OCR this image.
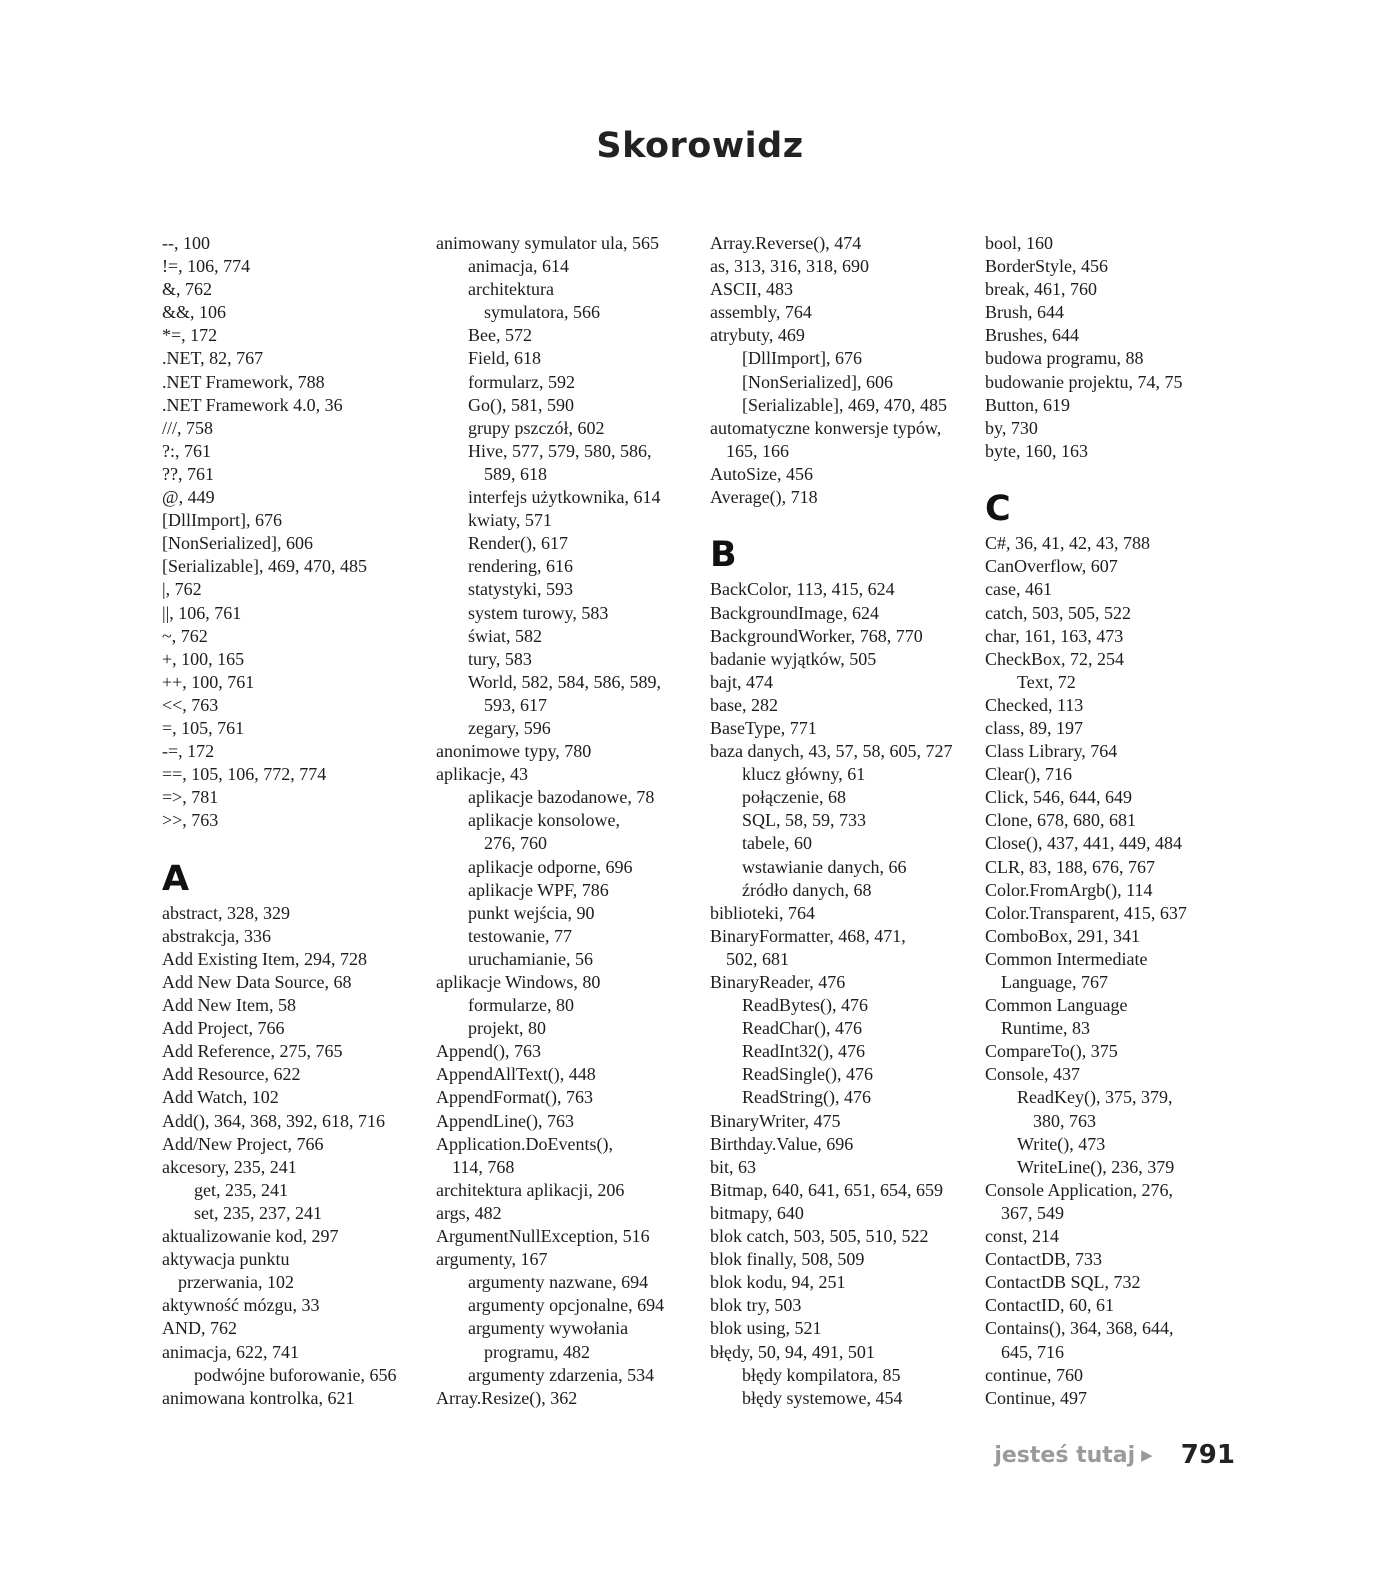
Skorowidz
--, 100
!=, 106, 774
&, 762
&&, 106
*=, 172
.NET, 82, 767
.NET Framework, 788
.NET Framework 4.0, 36
///, 758
?:, 761
??, 761
@, 449
[DllImport], 676
[NonSerialized], 606
[Serializable], 469, 470, 485
|, 762
||, 106, 761
~, 762
+, 100, 165
++, 100, 761
<<, 763
=, 105, 761
-=, 172
==, 105, 106, 772, 774
=>, 781
>>, 763
A
abstract, 328, 329
abstrakcja, 336
Add Existing Item, 294, 728
Add New Data Source, 68
Add New Item, 58
Add Project, 766
Add Reference, 275, 765
Add Resource, 622
Add Watch, 102
Add(), 364, 368, 392, 618, 716
Add/New Project, 766
akcesory, 235, 241
get, 235, 241
set, 235, 237, 241
aktualizowanie kod, 297
aktywacja punktu
przerwania, 102
aktywność mózgu, 33
AND, 762
animacja, 622, 741
podwójne buforowanie, 656
animowana kontrolka, 621
animowany symulator ula, 565
animacja, 614
architektura
symulatora, 566
Bee, 572
Field, 618
formularz, 592
Go(), 581, 590
grupy pszczół, 602
Hive, 577, 579, 580, 586,
589, 618
interfejs użytkownika, 614
kwiaty, 571
Render(), 617
rendering, 616
statystyki, 593
system turowy, 583
świat, 582
tury, 583
World, 582, 584, 586, 589,
593, 617
zegary, 596
anonimowe typy, 780
aplikacje, 43
aplikacje bazodanowe, 78
aplikacje konsolowe,
276, 760
aplikacje odporne, 696
aplikacje WPF, 786
punkt wejścia, 90
testowanie, 77
uruchamianie, 56
aplikacje Windows, 80
formularze, 80
projekt, 80
Append(), 763
AppendAllText(), 448
AppendFormat(), 763
AppendLine(), 763
Application.DoEvents(),
114, 768
architektura aplikacji, 206
args, 482
ArgumentNullException, 516
argumenty, 167
argumenty nazwane, 694
argumenty opcjonalne, 694
argumenty wywołania
programu, 482
argumenty zdarzenia, 534
Array.Resize(), 362
Array.Reverse(), 474
as, 313, 316, 318, 690
ASCII, 483
assembly, 764
atrybuty, 469
[DllImport], 676
[NonSerialized], 606
[Serializable], 469, 470, 485
automatyczne konwersje typów,
165, 166
AutoSize, 456
Average(), 718
B
BackColor, 113, 415, 624
BackgroundImage, 624
BackgroundWorker, 768, 770
badanie wyjątków, 505
bajt, 474
base, 282
BaseType, 771
baza danych, 43, 57, 58, 605, 727
klucz główny, 61
połączenie, 68
SQL, 58, 59, 733
tabele, 60
wstawianie danych, 66
źródło danych, 68
biblioteki, 764
BinaryFormatter, 468, 471,
502, 681
BinaryReader, 476
ReadBytes(), 476
ReadChar(), 476
ReadInt32(), 476
ReadSingle(), 476
ReadString(), 476
BinaryWriter, 475
Birthday.Value, 696
bit, 63
Bitmap, 640, 641, 651, 654, 659
bitmapy, 640
blok catch, 503, 505, 510, 522
blok finally, 508, 509
blok kodu, 94, 251
blok try, 503
blok using, 521
błędy, 50, 94, 491, 501
błędy kompilatora, 85
błędy systemowe, 454
bool, 160
BorderStyle, 456
break, 461, 760
Brush, 644
Brushes, 644
budowa programu, 88
budowanie projektu, 74, 75
Button, 619
by, 730
byte, 160, 163
C
C#, 36, 41, 42, 43, 788
CanOverflow, 607
case, 461
catch, 503, 505, 522
char, 161, 163, 473
CheckBox, 72, 254
Text, 72
Checked, 113
class, 89, 197
Class Library, 764
Clear(), 716
Click, 546, 644, 649
Clone, 678, 680, 681
Close(), 437, 441, 449, 484
CLR, 83, 188, 676, 767
Color.FromArgb(), 114
Color.Transparent, 415, 637
ComboBox, 291, 341
Common Intermediate
Language, 767
Common Language
Runtime, 83
CompareTo(), 375
Console, 437
ReadKey(), 375, 379,
380, 763
Write(), 473
WriteLine(), 236, 379
Console Application, 276,
367, 549
const, 214
ContactDB, 733
ContactDB SQL, 732
ContactID, 60, 61
Contains(), 364, 368, 644,
645, 716
continue, 760
Continue, 497
jesteś tutaj ▶ 791
